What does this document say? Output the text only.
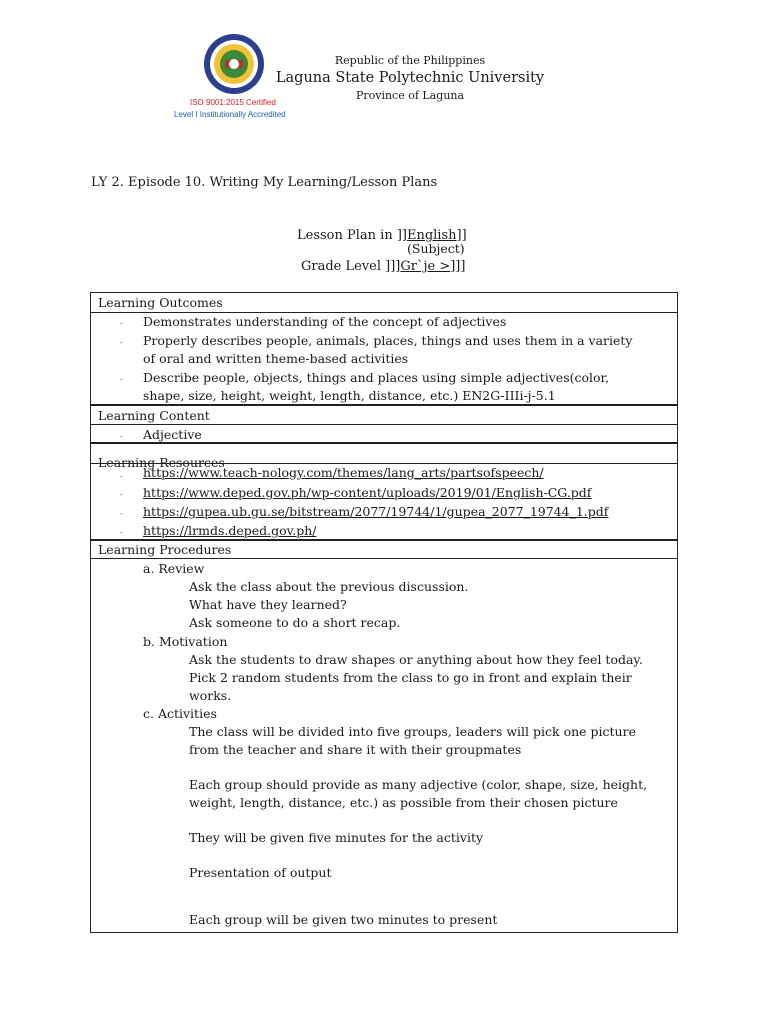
ISO 9001:2015 Certified
Level I Institutionally Accredited
Republic of the Philippines
Laguna State Polytechnic University
Province of Laguna
LY 2. Episode 10. Writing My Learning/Lesson Plans
Lesson Plan in ]]English]]
(Subject)
Grade Level ]]]Gr`je >]]]
Learning Outcomes
- Demonstrates understanding of the concept of adjectives
- Properly describes people, animals, places, things and uses them in a variety
of oral and written theme-based activities
- Describe people, objects, things and places using simple adjectives(color,
shape, size, height, weight, length, distance, etc.) EN2G-IIIi-j-5.1
Learning Content
- Adjective
Learning Resources
- https://www.teach-nology.com/themes/lang_arts/partsofspeech/
- https://www.deped.gov.ph/wp-content/uploads/2019/01/English-CG.pdf
- https://gupea.ub.gu.se/bitstream/2077/19744/1/gupea_2077_19744_1.pdf
- https://lrmds.deped.gov.ph/
Learning Procedures
a. Review
Ask the class about the previous discussion.
What have they learned?
Ask someone to do a short recap.
b. Motivation
Ask the students to draw shapes or anything about how they feel today.
Pick 2 random students from the class to go in front and explain their
works.
c. Activities
The class will be divided into five groups, leaders will pick one picture
from the teacher and share it with their groupmates
Each group should provide as many adjective (color, shape, size, height,
weight, length, distance, etc.) as possible from their chosen picture
They will be given five minutes for the activity
Presentation of output
Each group will be given two minutes to present
